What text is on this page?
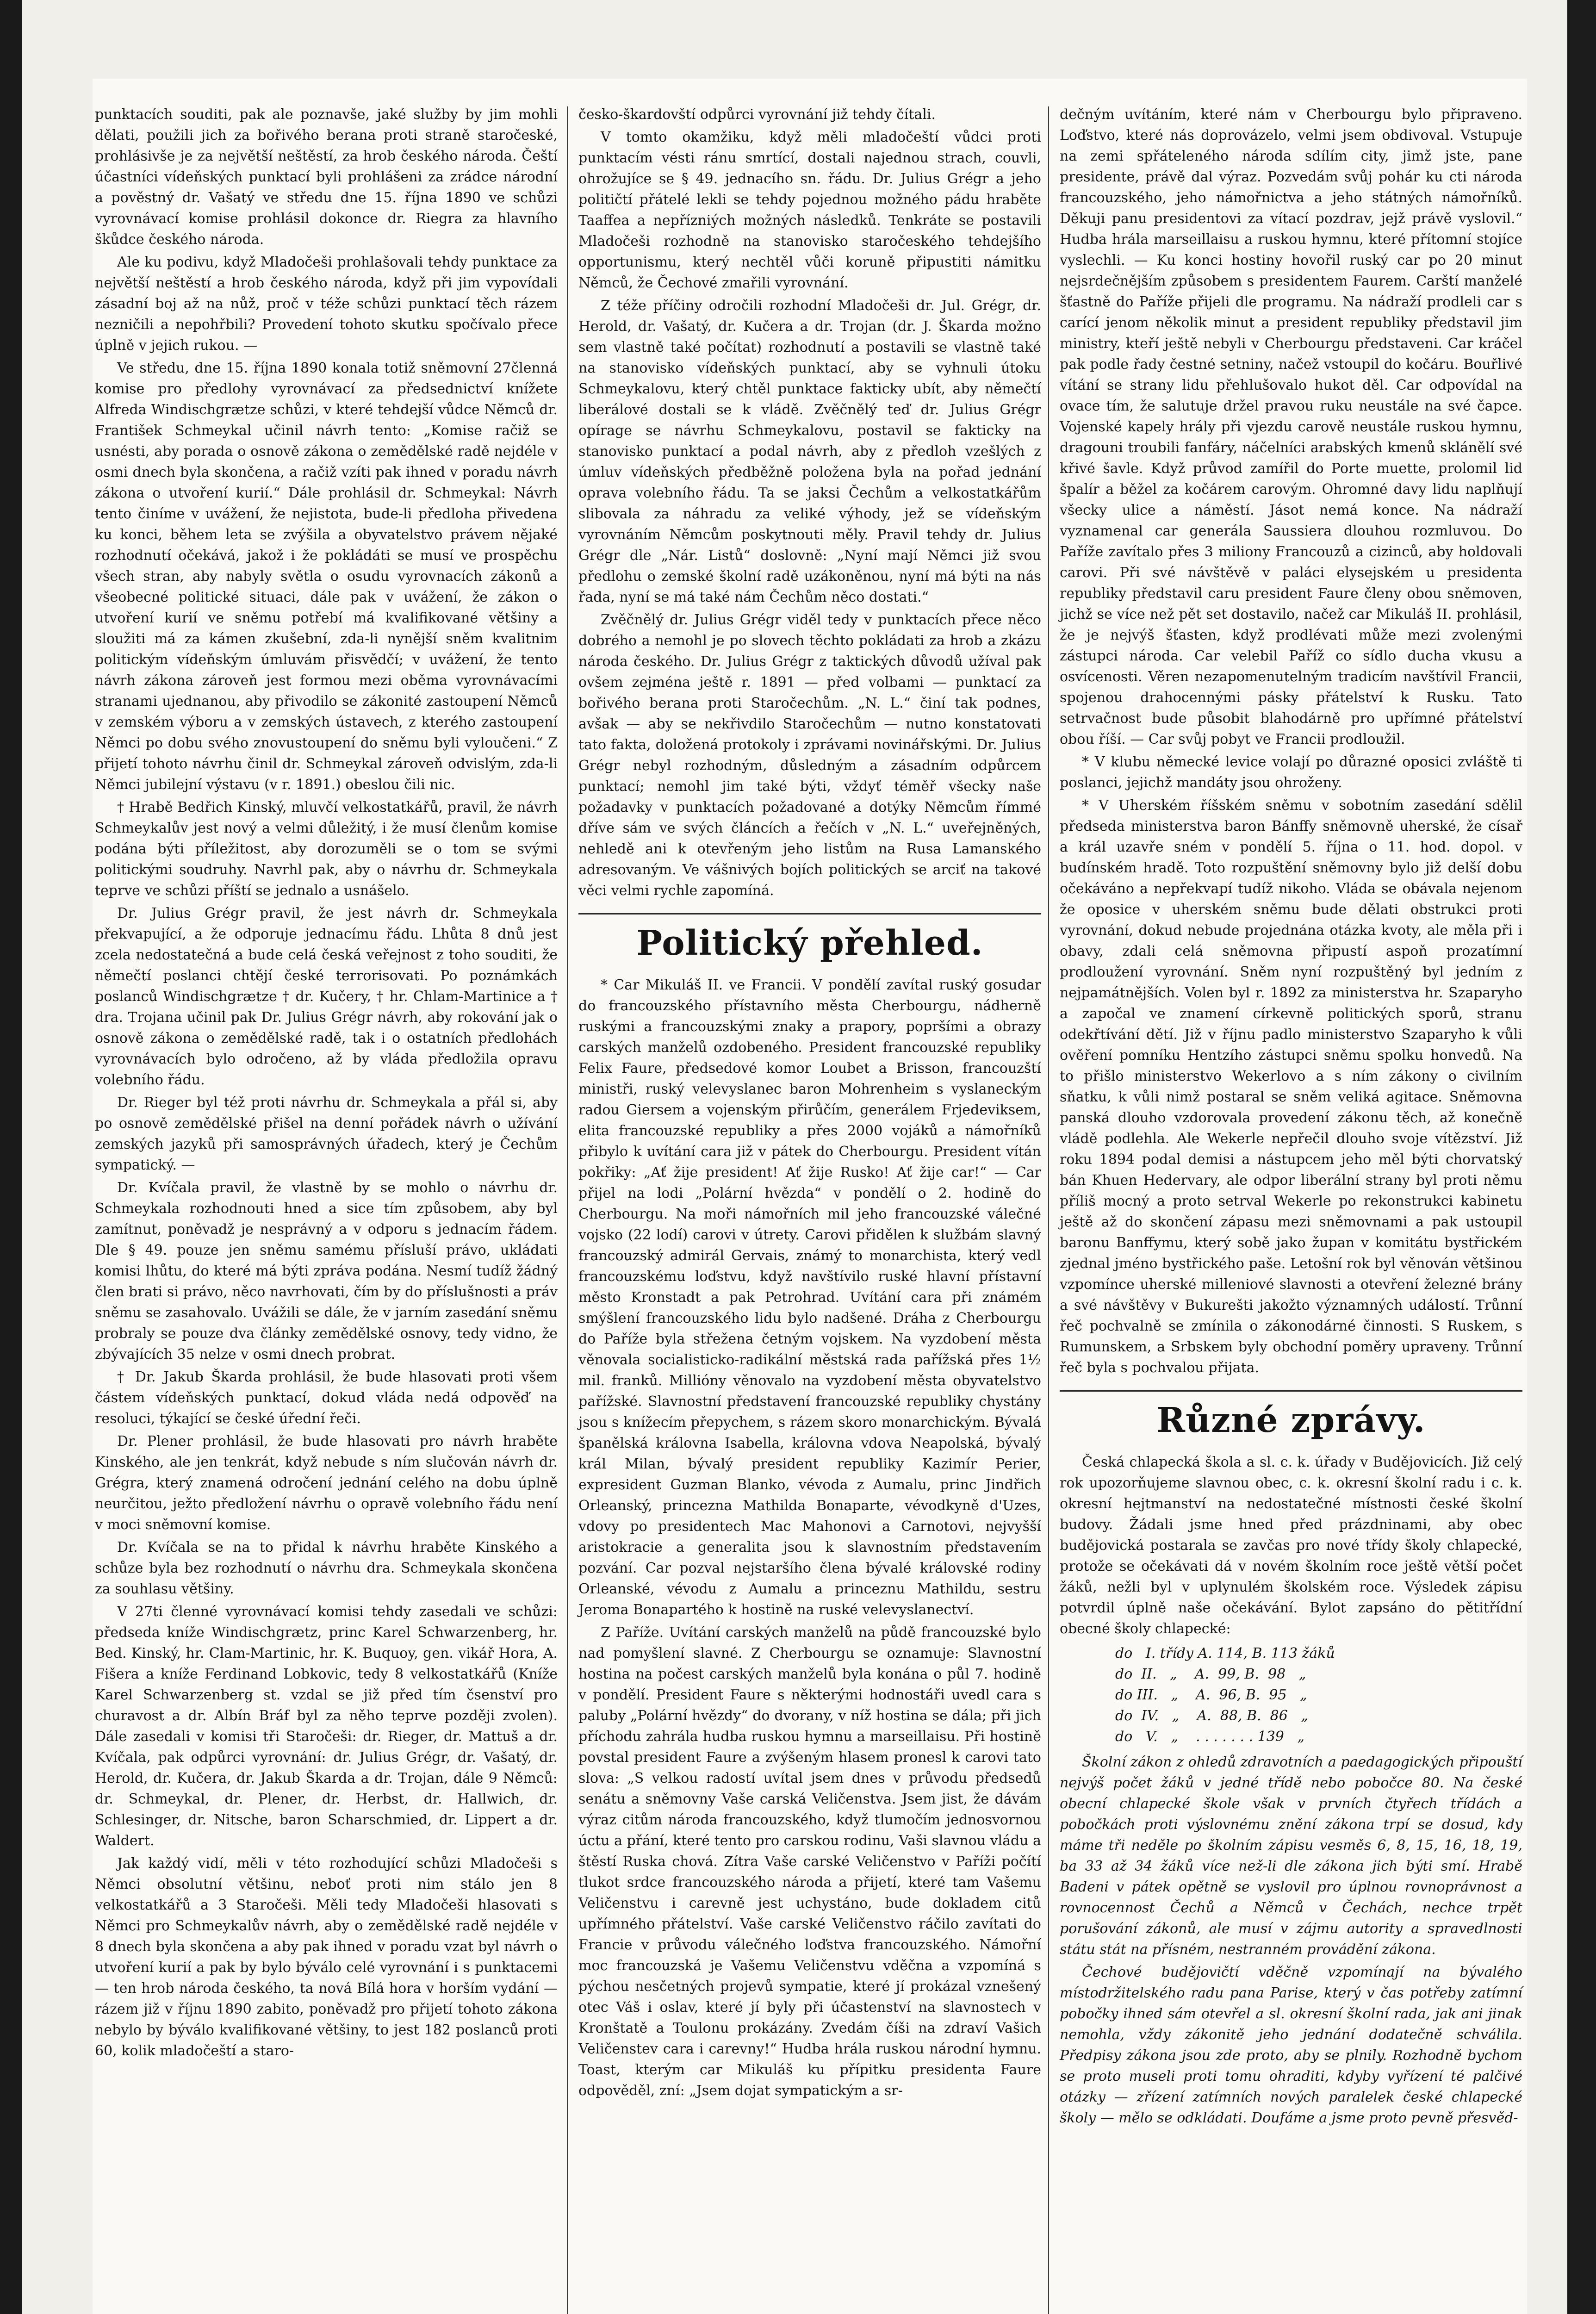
punktacích souditi, pak ale poznavše, jaké služby by jim mohli dělati, použili jich za bořivého berana proti straně staročeské, prohlásivše je za největší neštěstí, za hrob českého národa. Čeští účastníci vídeňských punktací byli prohlášeni za zrádce národní a pověstný dr. Vašatý ve středu dne 15. října 1890 ve schůzi vyrovnávací komise prohlásil dokonce dr. Riegra za hlavního škůdce českého národa.

Ale ku podivu, když Mladočeši prohlašovali tehdy punktace za největší neštěstí a hrob českého národa, když při jim vypovídali zásadní boj až na nůž, proč v téže schůzi punktací těch rázem nezničili a nepohřbili? Provedení tohoto skutku spočívalo přece úplně v jejich rukou. —

Ve středu, dne 15. října 1890 konala totiž sněmovní 27členná komise pro předlohy vyrovnávací za předsednictví knížete Alfreda Windischgrætze schůzi, v které tehdejší vůdce Němců dr. František Schmeykal učinil návrh tento: „Komise račiž se usnésti, aby porada o osnově zákona o zemědělské radě nejdéle v osmi dnech byla skončena, a račiž vzíti pak ihned v poradu návrh zákona o utvoření kurií.“ Dále prohlásil dr. Schmeykal: Návrh tento činíme v uvážení, že nejistota, bude-li předloha přivedena ku konci, během leta se zvýšila a obyvatelstvo právem nějaké rozhodnutí očekává, jakož i že pokládáti se musí ve prospěchu všech stran, aby nabyly světla o osudu vyrovnacích zákonů a všeobecné politické situaci, dále pak v uvážení, že zákon o utvoření kurií ve sněmu potřebí má kvalifikované většiny a sloužiti má za kámen zkušební, zda-li nynější sněm kvalitnim politickým vídeňským úmluvám přisvědčí; v uvážení, že tento návrh zákona zároveň jest formou mezi oběma vyrovnávacími stranami ujednanou, aby přivodilo se zákonité zastoupení Němců v zemském výboru a v zemských ústavech, z kterého zastoupení Němci po dobu svého znovustoupení do sněmu byli vyloučeni.“ Z přijetí tohoto návrhu činil dr. Schmeykal zároveň odvislým, zda-li Němci jubilejní výstavu (v r. 1891.) obeslou čili nic.

† Hrabě Bedřich Kinský, mluvčí velkostatkářů, pravil, že návrh Schmeykalův jest nový a velmi důležitý, i že musí členům komise podána býti příležitost, aby dorozuměli se o tom se svými politickými soudruhy. Navrhl pak, aby o návrhu dr. Schmeykala teprve ve schůzi příští se jednalo a usnášelo.

Dr. Julius Grégr pravil, že jest návrh dr. Schmeykala překvapující, a že odporuje jednacímu řádu. Lhůta 8 dnů jest zcela nedostatečná a bude celá česká veřejnost z toho souditi, že němečtí poslanci chtějí české terrorisovati. Po poznámkách poslanců Windischgrætze † dr. Kučery, † hr. Chlam-Martinice a † dra. Trojana učinil pak Dr. Julius Grégr návrh, aby rokování jak o osnově zákona o zemědělské radě, tak i o ostatních předlohách vyrovnávacích bylo odročeno, až by vláda předložila opravu volebního řádu.

Dr. Rieger byl též proti návrhu dr. Schmeykala a přál si, aby po osnově zemědělské přišel na denní pořádek návrh o užívání zemských jazyků při samosprávných úřadech, který je Čechům sympatický. —

Dr. Kvíčala pravil, že vlastně by se mohlo o návrhu dr. Schmeykala rozhodnouti hned a sice tím způsobem, aby byl zamítnut, poněvadž je nesprávný a v odporu s jednacím řádem. Dle § 49. pouze jen sněmu samému přísluší právo, ukládati komisi lhůtu, do které má býti zpráva podána. Nesmí tudíž žádný člen brati si právo, něco navrhovati, čím by do příslušnosti a práv sněmu se zasahovalo. Uvážili se dále, že v jarním zasedání sněmu probraly se pouze dva články zemědělské osnovy, tedy vidno, že zbývajících 35 nelze v osmi dnech probrat.

† Dr. Jakub Škarda prohlásil, že bude hlasovati proti všem částem vídeňských punktací, dokud vláda nedá odpověď na resoluci, týkající se české úřední řeči.

Dr. Plener prohlásil, že bude hlasovati pro návrh hraběte Kinského, ale jen tenkrát, když nebude s ním slučován návrh dr. Grégra, který znamená odročení jednání celého na dobu úplně neurčitou, ježto předložení návrhu o opravě volebního řádu není v moci sněmovní komise.

Dr. Kvíčala se na to přidal k návrhu hraběte Kinského a schůze byla bez rozhodnutí o návrhu dra. Schmeykala skončena za souhlasu většiny.

V 27ti členné vyrovnávací komisi tehdy zasedali ve schůzi: předseda kníže Windischgrætz, princ Karel Schwarzenberg, hr. Bed. Kinský, hr. Clam-Martinic, hr. K. Buquoy, gen. vikář Hora, A. Fišera a kníže Ferdinand Lobkovic, tedy 8 velkostatkářů (Kníže Karel Schwarzenberg st. vzdal se již před tím čsenství pro churavost a dr. Albín Bráf byl za něho teprve později zvolen). Dále zasedali v komisi tři Staročeši: dr. Rieger, dr. Mattuš a dr. Kvíčala, pak odpůrci vyrovnání: dr. Julius Grégr, dr. Vašatý, dr. Herold, dr. Kučera, dr. Jakub Škarda a dr. Trojan, dále 9 Němců: dr. Schmeykal, dr. Plener, dr. Herbst, dr. Hallwich, dr. Schlesinger, dr. Nitsche, baron Scharschmied, dr. Lippert a dr. Waldert.

Jak každý vidí, měli v této rozhodující schůzi Mladočeši s Němci obsolutní většinu, neboť proti nim stálo jen 8 velkostatkářů a 3 Staročeši. Měli tedy Mladočeši hlasovati s Němci pro Schmeykalův návrh, aby o zemědělské radě nejdéle v 8 dnech byla skončena a aby pak ihned v poradu vzat byl návrh o utvoření kurií a pak by bylo býválo celé vyrovnání i s punktacemi — ten hrob národa českého, ta nová Bílá hora v horším vydání — rázem již v říjnu 1890 zabito, poněvadž pro přijetí tohoto zákona nebylo by býválo kvalifikované většiny, to jest 182 poslanců proti 60, kolik mladočeští a staro-

česko-škardovští odpůrci vyrovnání již tehdy čítali.

V tomto okamžiku, když měli mladočeští vůdci proti punktacím vésti ránu smrtící, dostali najednou strach, couvli, ohrožujíce se § 49. jednacího sn. řádu. Dr. Julius Grégr a jeho političtí přátelé lekli se tehdy pojednou možného pádu hraběte Taaffea a nepřízniých možných následků. Tenkráte se postavili Mladočeši rozhodně na stanovisko staročeského tehdejšího opportunismu, který nechtěl vůči koruně připustiti námitku Němců, že Čechové zmařili vyrovnání.

Z téže příčiny odročili rozhodní Mladočeši dr. Jul. Grégr, dr. Herold, dr. Vašatý, dr. Kučera a dr. Trojan (dr. J. Škarda možno sem vlastně také počítat) rozhodnutí a postavili se vlastně také na stanovisko vídeňských punktací, aby se vyhnuli útoku Schmeykalovu, který chtěl punktace fakticky ubít, aby němečtí liberálové dostali se k vládě. Zvěčnělý teď dr. Julius Grégr opírage se návrhu Schmeykalovu, postavil se fakticky na stanovisko punktací a podal návrh, aby z předloh vzešlých z úmluv vídeňských předběžně položena byla na pořad jednání oprava volebního řádu. Ta se jaksi Čechům a velkostatkářům slibovala za náhradu za veliké výhody, jež se vídeňským vyrovnáním Němcům poskytnouti měly. Pravil tehdy dr. Julius Grégr dle „Nár. Listů“ doslovně: „Nyní mají Němci již svou předlohu o zemské školní radě uzákoněnou, nyní má býti na nás řada, nyní se má také nám Čechům něco dostati.“

Zvěčnělý dr. Julius Grégr viděl tedy v punktacích přece něco dobrého a nemohl je po slovech těchto pokládati za hrob a zkázu národa českého. Dr. Julius Grégr z taktických důvodů užíval pak ovšem zejména ještě r. 1891 — před volbami — punktací za bořivého berana proti Staročechům. „N. L.“ činí tak podnes, avšak — aby se nekřivdilo Staročechům — nutno konstatovati tato fakta, doložená protokoly i zprávami novinářskými. Dr. Julius Grégr nebyl rozhodným, důsledným a zásadním odpůrcem punktací; nemohl jim také býti, vždyť téměř všecky naše požadavky v punktacích požadované a dotýky Němcům římmé dříve sám ve svých článcích a řečích v „N. L.“ uveřejněných, nehledě ani k otevřeným jeho listům na Rusa Lamanského adresovaným. Ve vášnivých bojích politických se arciť na takové věci velmi rychle zapomíná.

Politický přehled.

* Car Mikuláš II. ve Francii. V pondělí zavítal ruský gosudar do francouzského přístavního města Cherbourgu, nádherně ruskými a francouzskými znaky a prapory, popršími a obrazy carských manželů ozdobeného. President francouzské republiky Felix Faure, předsedové komor Loubet a Brisson, francouzští ministři, ruský velevyslanec baron Mohrenheim s vyslaneckým radou Giersem a vojenským přirůčím, generálem Frjedeviksem, elita francouzské republiky a přes 2000 vojáků a námořníků přibylo k uvítání cara již v pátek do Cherbourgu. President vítán pokřiky: „Ať žije president! Ať žije Rusko! Ať žije car!“ — Car přijel na lodi „Polární hvězda“ v pondělí o 2. hodině do Cherbourgu. Na moři námořních mil jeho francouzské válečné vojsko (22 lodí) carovi v útrety. Carovi přidělen k službám slavný francouzský admirál Gervais, známý to monarchista, který vedl francouzskému loďstvu, když navštívilo ruské hlavní přístavní město Kronstadt a pak Petrohrad. Uvítání cara při známém smýšlení francouzského lidu bylo nadšené. Dráha z Cherbourgu do Paříže byla střežena četným vojskem. Na vyzdobení města věnovala socialisticko-radikální městská rada pařížská přes 1½ mil. franků. Millióny věnovalo na vyzdobení města obyvatelstvo pařížské. Slavnostní představení francouzské republiky chystány jsou s knížecím přepychem, s rázem skoro monarchickým. Bývalá španělská královna Isabella, královna vdova Neapolská, bývalý král Milan, bývalý president republiky Kazimír Perier, expresident Guzman Blanko, vévoda z Aumalu, princ Jindřich Orleanský, princezna Mathilda Bonaparte, vévodkyně d'Uzes, vdovy po presidentech Mac Mahonovi a Carnotovi, nejvyšší aristokracie a generalita jsou k slavnostním představením pozvání. Car pozval nejstaršího člena bývalé královské rodiny Orleanské, vévodu z Aumalu a princeznu Mathildu, sestru Jeroma Bonapartého k hostině na ruské velevyslanectví.

Z Paříže. Uvítání carských manželů na půdě francouzské bylo nad pomyšlení slavné. Z Cherbourgu se oznamuje: Slavnostní hostina na počest carských manželů byla konána o půl 7. hodině v pondělí. President Faure s některými hodnostáři uvedl cara s paluby „Polární hvězdy“ do dvorany, v níž hostina se dála; při jich příchodu zahrála hudba ruskou hymnu a marseillaisu. Při hostině povstal president Faure a zvýšeným hlasem pronesl k carovi tato slova: „S velkou radostí uvítal jsem dnes v průvodu předsedů senátu a sněmovny Vaše carská Veličenstva. Jsem jist, že dávám výraz citům národa francouzského, když tlumočím jednosvornou úctu a přání, které tento pro carskou rodinu, Vaši slavnou vládu a štěstí Ruska chová. Zítra Vaše carské Veličenstvo v Paříži počítí tlukot srdce francouzského národa a přijetí, které tam Vašemu Veličenstvu i carevně jest uchystáno, bude dokladem citů upřímného přátelství. Vaše carské Veličenstvo ráčilo zavítati do Francie v průvodu válečného loďstva francouzského. Námořní moc francouzská je Vašemu Veličenstvu vděčna a vzpomíná s pýchou nesčetných projevů sympatie, které jí prokázal vznešený otec Váš i oslav, které jí byly při účastenství na slavnostech v Kronštatě a Toulonu prokázány. Zvedám číši na zdraví Vašich Veličenstev cara i carevny!“ Hudba hrála ruskou národní hymnu. Toast, kterým car Mikuláš ku přípitku presidenta Faure odpověděl, zní: „Jsem dojat sympatickým a sr-

dečným uvítáním, které nám v Cherbourgu bylo připraveno. Loďstvo, které nás doprovázelo, velmi jsem obdivoval. Vstupuje na zemi spřáteleného národa sdílím city, jimž jste, pane presidente, právě dal výraz. Pozvedám svůj pohár ku cti národa francouzského, jeho námořnictva a jeho státných námořníků. Děkuji panu presidentovi za vítací pozdrav, jejž právě vyslovil.“ Hudba hrála marseillaisu a ruskou hymnu, které přítomní stojíce vyslechli. — Ku konci hostiny hovořil ruský car po 20 minut nejsrdečnějším způsobem s presidentem Faurem. Carští manželé šťastně do Paříže přijeli dle programu. Na nádraží prodleli car s carící jenom několik minut a president republiky představil jim ministry, kteří ještě nebyli v Cherbourgu představeni. Car kráčel pak podle řady čestné setniny, načež vstoupil do kočáru. Bouřlivé vítání se strany lidu přehlušovalo hukot děl. Car odpovídal na ovace tím, že salutuje držel pravou ruku neustále na své čapce. Vojenské kapely hrály při vjezdu carově neustále ruskou hymnu, dragouni troubili fanfáry, náčelníci arabských kmenů sklánělí své křivé šavle. Když průvod zamířil do Porte muette, prolomil lid špalír a běžel za kočárem carovým. Ohromné davy lidu naplňují všecky ulice a náměstí. Jásot nemá konce. Na nádraží vyznamenal car generála Saussiera dlouhou rozmluvou. Do Paříže zavítalo přes 3 miliony Francouzů a cizinců, aby holdovali carovi. Při své návštěvě v paláci elysejském u presidenta republiky představil caru president Faure členy obou sněmoven, jichž se více než pět set dostavilo, načež car Mikuláš II. prohlásil, že je nejvýš šťasten, když prodlévati může mezi zvolenými zástupci národa. Car velebil Paříž co sídlo ducha vkusu a osvícenosti. Věren nezapomenutelným tradicím navštívil Francii, spojenou drahocennými pásky přátelství k Rusku. Tato setrvačnost bude působit blahodárně pro upřímné přátelství obou říší. — Car svůj pobyt ve Francii prodloužil.

* V klubu německé levice volají po důrazné oposici zvláště ti poslanci, jejichž mandáty jsou ohroženy.

* V Uherském říšském sněmu v sobotním zasedání sdělil předseda ministerstva baron Bánffy sněmovně uherské, že císař a král uzavře sném v pondělí 5. října o 11. hod. dopol. v budínském hradě. Toto rozpuštění sněmovny bylo již delší dobu očekáváno a nepřekvapí tudíž nikoho. Vláda se obávala nejenom že oposice v uherském sněmu bude dělati obstrukci proti vyrovnání, dokud nebude projednána otázka kvoty, ale měla při i obavy, zdali celá sněmovna připustí aspoň prozatímní prodloužení vyrovnání. Sněm nyní rozpuštěný byl jedním z nejpamátnějších. Volen byl r. 1892 za ministerstva hr. Szaparyho a započal ve znamení církevně politických sporů, stranu odekřtívání dětí. Již v říjnu padlo ministerstvo Szaparyho k vůli ověření pomníku Hentzího zástupci sněmu spolku honvedů. Na to přišlo ministerstvo Wekerlovo a s ním zákony o civilním sňatku, k vůli nimž postaral se sněm veliká agitace. Sněmovna panská dlouho vzdorovala provedení zákonu těch, až konečně vládě podlehla. Ale Wekerle nepřečil dlouho svoje vítězství. Již roku 1894 podal demisi a nástupcem jeho měl býti chorvatský bán Khuen Hedervary, ale odpor liberální strany byl proti němu příliš mocný a proto setrval Wekerle po rekonstrukci kabinetu ještě až do skončení zápasu mezi sněmovnami a pak ustoupil baronu Banffymu, který sobě jako župan v komitátu bystřickém zjednal jméno bystřického paše. Letošní rok byl věnován většinou vzpomínce uherské milleniové slavnosti a otevření železné brány a své návštěvy v Bukurešti jakožto významných událostí. Trůnní řeč pochvalně se zmínila o zákonodárné činnosti. S Ruskem, s Rumunskem, a Srbskem byly obchodní poměry upraveny. Trůnní řeč byla s pochvalou přijata.

Různé zprávy.

Česká chlapecká škola a sl. c. k. úřady v Budějovicích. Již celý rok upozorňujeme slavnou obec, c. k. okresní školní radu i c. k. okresní hejtmanství na nedostatečné místnosti české školní budovy. Žádali jsme hned před prázdninami, aby obec budějovická postarala se zavčas pro nové třídy školy chlapecké, protože se očekávati dá v novém školním roce ještě větší počet žáků, nežli byl v uplynulém školském roce. Výsledek zápisu potvrdil úplně naše očekávání. Bylot zapsáno do pětitřídní obecné školy chlapecké:

do   I. třídy A. 114, B. 113 žáků
do  II.   „    A.  99, B.  98   „
do III.   „    A.  96, B.  95   „
do  IV.   „    A.  88, B.  86   „
do   V.   „    . . . . . . . 139   „

Školní zákon z ohledů zdravotních a paedagogických připouští nejvýš počet žáků v jedné třídě nebo pobočce 80. Na české obecní chlapecké škole však v prvních čtyřech třídách a pobočkách proti výslovnému znění zákona trpí se dosud, kdy máme tři neděle po školním zápisu vesměs 6, 8, 15, 16, 18, 19, ba 33 až 34 žáků více než-li dle zákona jich býti smí. Hrabě Badeni v pátek opětně se vyslovil pro úplnou rovnoprávnost a rovnocennost Čechů a Němců v Čechách, nechce trpět porušování zákonů, ale musí v zájmu autority a spravedlnosti státu stát na přísném, nestranném provádění zákona.

Čechové budějovičtí vděčně vzpomínají na bývalého místodržitelského radu pana Parise, který v čas potřeby zatímní pobočky ihned sám otevřel a sl. okresní školní rada, jak ani jinak nemohla, vždy zákonitě jeho jednání dodatečně schválila. Předpisy zákona jsou zde proto, aby se plnily. Rozhodně bychom se proto museli proti tomu ohraditi, kdyby vyřízení té palčivé otázky — zřízení zatímních nových paralelek české chlapecké školy — mělo se odkládati. Doufáme a jsme proto pevně přesvěd-
